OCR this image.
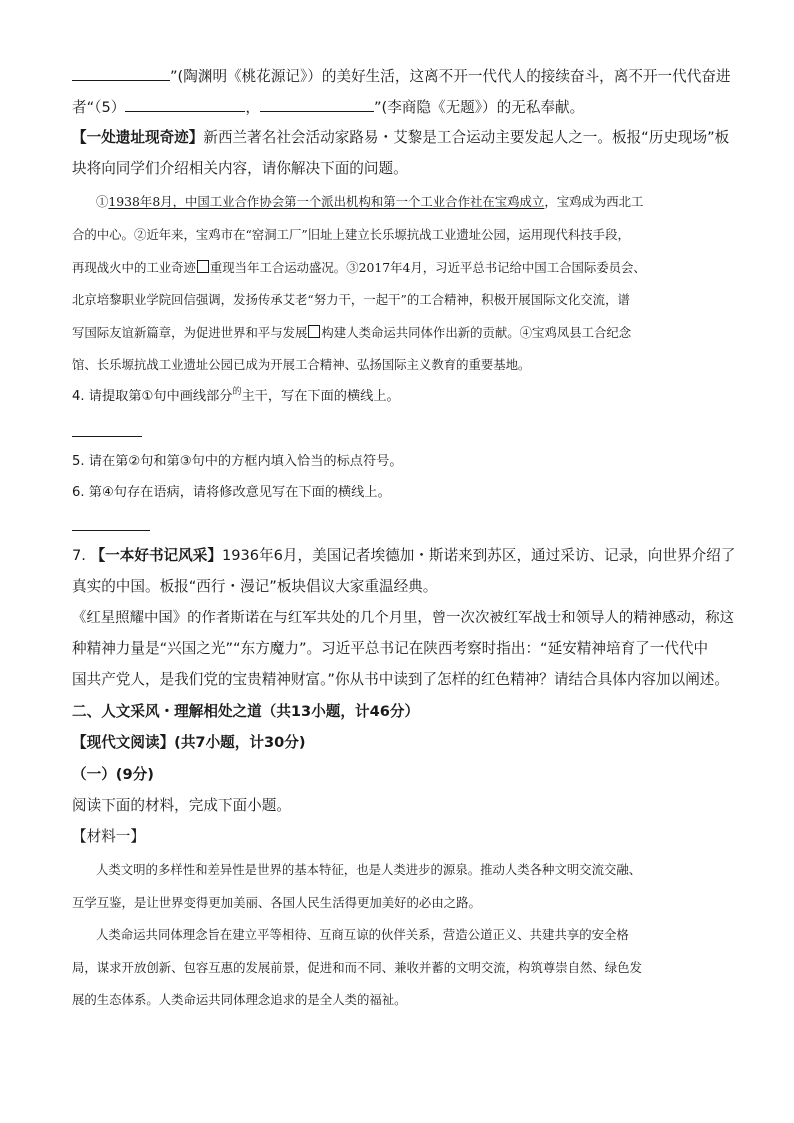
”(陶渊明《桃花源记》）的美好生活，这离不开一代代人的接续奋斗，离不开一代代奋进
者“（5）	，	”(李商隐《无题》）的无私奉献。
【一处遗址现奇迹】新西兰著名社会活动家路易・艾黎是工合运动主要发起人之一。板报“历史现场”板
块将向同学们介绍相关内容，请你解决下面的问题。
①1938年8月，中国工业合作协会第一个派出机构和第一个工业合作社在宝鸡成立，宝鸡成为西北工
合的中心。②近年来，宝鸡市在“窑洞工厂”旧址上建立长乐塬抗战工业遗址公园，运用现代科技手段，
再现战火中的工业奇迹 重现当年工合运动盛况。③2017年4月，习近平总书记给中国工合国际委员会、
北京培黎职业学院回信强调，发扬传承艾老“努力干，一起干”的工合精神，积极开展国际文化交流，谱
写国际友谊新篇章，为促进世界和平与发展 构建人类命运共同体作出新的贡献。④宝鸡凤县工合纪念
馆、长乐塬抗战工业遗址公园已成为开展工合精神、弘扬国际主义教育的重要基地。
4. 请提取第①句中画线部分$^的$主干，写在下面的横线上。
5. 请在第②句和第③句中的方框内填入恰当的标点符号。
6. 第④句存在语病，请将修改意见写在下面的横线上。
7. 【一本好书记风采】1936年6月，美国记者埃德加・斯诺来到苏区，通过采访、记录，向世界介绍了
真实的中国。板报“西行・漫记”板块倡议大家重温经典。
《红星照耀中国》的作者斯诺在与红军共处的几个月里，曾一次次被红军战士和领导人的精神感动，称这
种精神力量是“兴国之光”“东方魔力”。习近平总书记在陕西考察时指出：“延安精神培育了一代代中
国共产党人，是我们党的宝贵精神财富。”你从书中读到了怎样的红色精神？请结合具体内容加以阐述。
二、人文采风・理解相处之道（共13小题，计46分）
【现代文阅读】(共7小题，计30分)
（一）(9分)
阅读下面的材料，完成下面小题。
【材料一】
人类文明的多样性和差异性是世界的基本特征，也是人类进步的源泉。推动人类各种文明交流交融、
互学互鉴，是让世界变得更加美丽、各国人民生活得更加美好的必由之路。
人类命运共同体理念旨在建立平等相待、互商互谅的伙伴关系，营造公道正义、共建共享的安全格
局，谋求开放创新、包容互惠的发展前景，促进和而不同、兼收并蓄的文明交流，构筑尊崇自然、绿色发
展的生态体系。人类命运共同体理念追求的是全人类的福祉。
